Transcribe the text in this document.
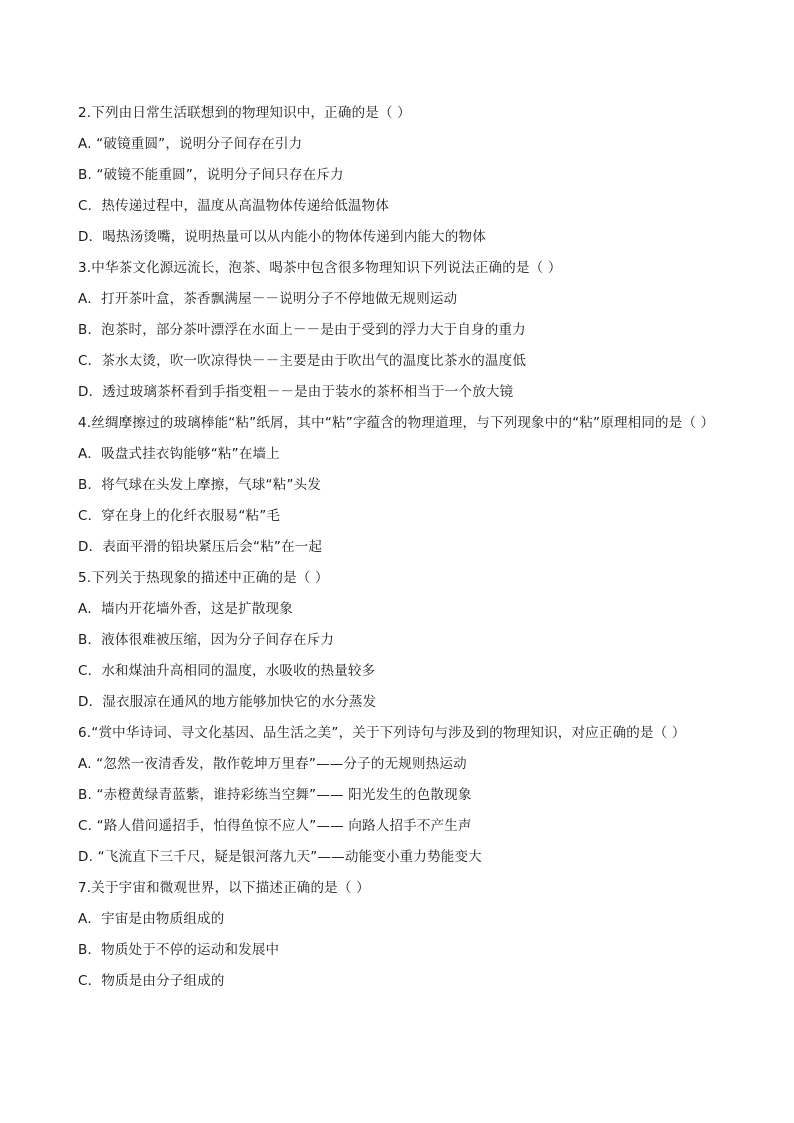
2.下列由日常生活联想到的物理知识中，正确的是（ ）
A. “破镜重圆”，说明分子间存在引力
B. “破镜不能重圆”，说明分子间只存在斥力
C．热传递过程中，温度从高温物体传递给低温物体
D．喝热汤烫嘴，说明热量可以从内能小的物体传递到内能大的物体
3.中华茶文化源远流长，泡茶、喝茶中包含很多物理知识下列说法正确的是（ ）
A．打开茶叶盒，茶香飘满屋－－说明分子不停地做无规则运动
B．泡茶时，部分茶叶漂浮在水面上－－是由于受到的浮力大于自身的重力
C．茶水太烫，吹一吹凉得快－－主要是由于吹出气的温度比茶水的温度低
D．透过玻璃茶杯看到手指变粗－－是由于装水的茶杯相当于一个放大镜
4.丝绸摩擦过的玻璃棒能“粘”纸屑，其中“粘”字蕴含的物理道理，与下列现象中的“粘”原理相同的是（ ）
A．吸盘式挂衣钩能够“粘”在墙上
B．将气球在头发上摩擦，气球“粘”头发
C．穿在身上的化纤衣服易“粘”毛
D．表面平滑的铅块紧压后会“粘”在一起
5.下列关于热现象的描述中正确的是（ ）
A．墙内开花墙外香，这是扩散现象
B．液体很难被压缩，因为分子间存在斥力
C．水和煤油升高相同的温度，水吸收的热量较多
D．湿衣服凉在通风的地方能够加快它的水分蒸发
6.“赏中华诗词、寻文化基因、品生活之美”，关于下列诗句与涉及到的物理知识，对应正确的是（ ）
A. “忽然一夜清香发，散作乾坤万里春”——分子的无规则热运动
B. “赤橙黄绿青蓝紫，谁持彩练当空舞”—— 阳光发生的色散现象
C. “路人借问遥招手，怕得鱼惊不应人”—— 向路人招手不产生声
D. “飞流直下三千尺，疑是银河落九天”——动能变小重力势能变大
7.关于宇宙和微观世界，以下描述正确的是（ ）
A．宇宙是由物质组成的
B．物质处于不停的运动和发展中
C．物质是由分子组成的
